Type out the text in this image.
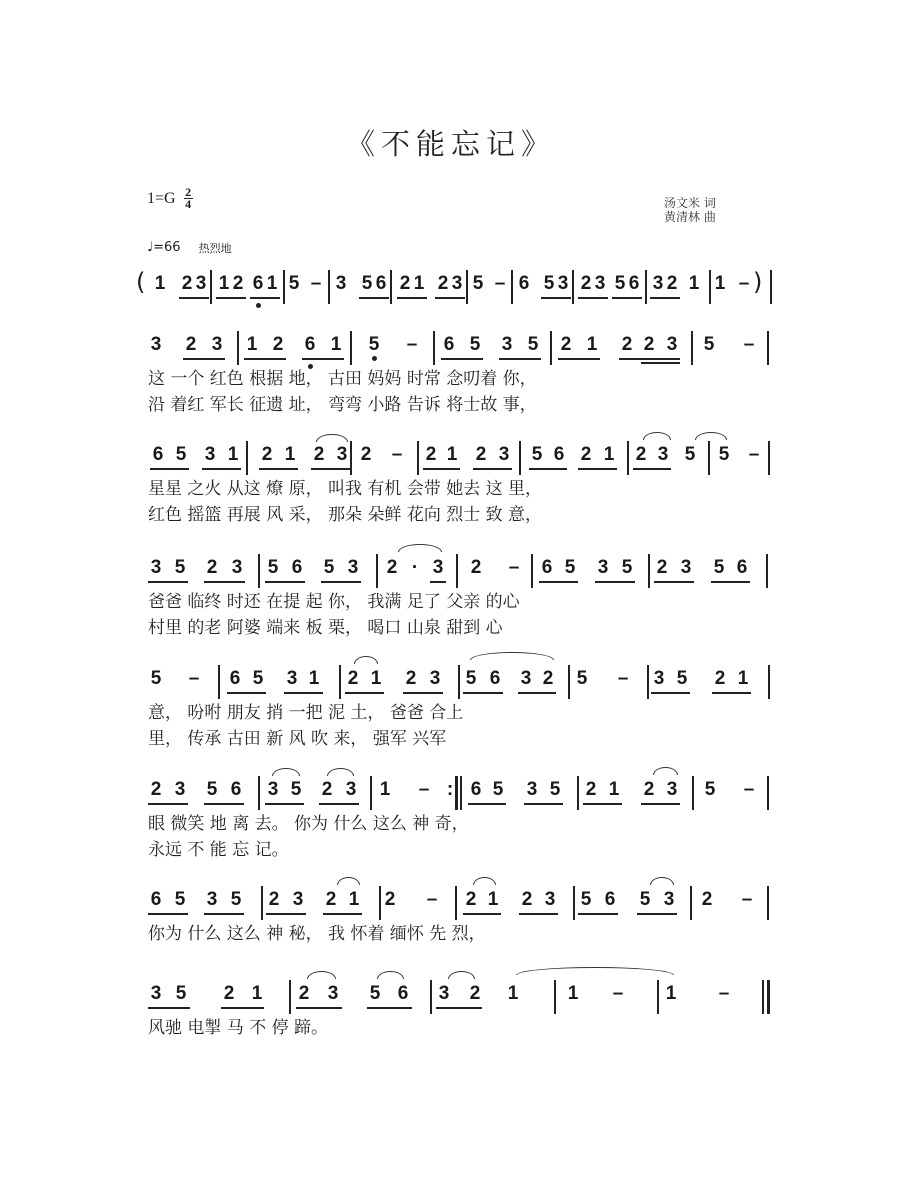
《不能忘记》
1=G 2
4	汤文米 词
黄清林 曲
♩=66 热烈地
( 1 2 3 1 2 6 1 5 – 3 5 6 2 1 2 3 5 – 6 5 3 2 3 5 6 3 2 1 1 – )
3 2 3 1 2 6 1 5 – 6 5 3 5 2 1 2 2 3 5 –
这 一个 红色 根据 地， 古田 妈妈 时常 念叨着 你，
沿 着红 军长 征遗 址， 弯弯 小路 告诉 将士故 事，
6 5 3 1 2 1 2 3 2 – 2 1 2 3 5 6 2 1 2 3 5 5 –
星星 之火 从这 燎 原， 叫我 有机 会带 她去 这 里，
红色 摇篮 再展 风 采， 那朵 朵鲜 花向 烈士 致 意，
3 5 2 3 5 6 5 3 2 · 3 2 – 6 5 3 5 2 3 5 6
爸爸 临终 时还 在提 起 你， 我满 足了 父亲 的心
村里 的老 阿婆 端来 板 栗， 喝口 山泉 甜到 心
5 – 6 5 3 1 2 1 2 3 5 6 3 2 5 – 3 5 2 1
意， 吩咐 朋友 捎 一把 泥 土， 爸爸 合上
里， 传承 古田 新 风 吹 来， 强军 兴军
2 3 5 6 3 5 2 3 1 – : 6 5 3 5 2 1 2 3 5 –
眼 微笑 地 离 去。 你为 什么 这么 神 奇，
永远 不 能 忘 记。
6 5 3 5 2 3 2 1 2 – 2 1 2 3 5 6 5 3 2 –
你为 什么 这么 神 秘， 我 怀着 缅怀 先 烈，
3 5 2 1 2 3 5 6 3 2 1	1 – 1 –
风驰 电掣 马 不 停 蹄。
